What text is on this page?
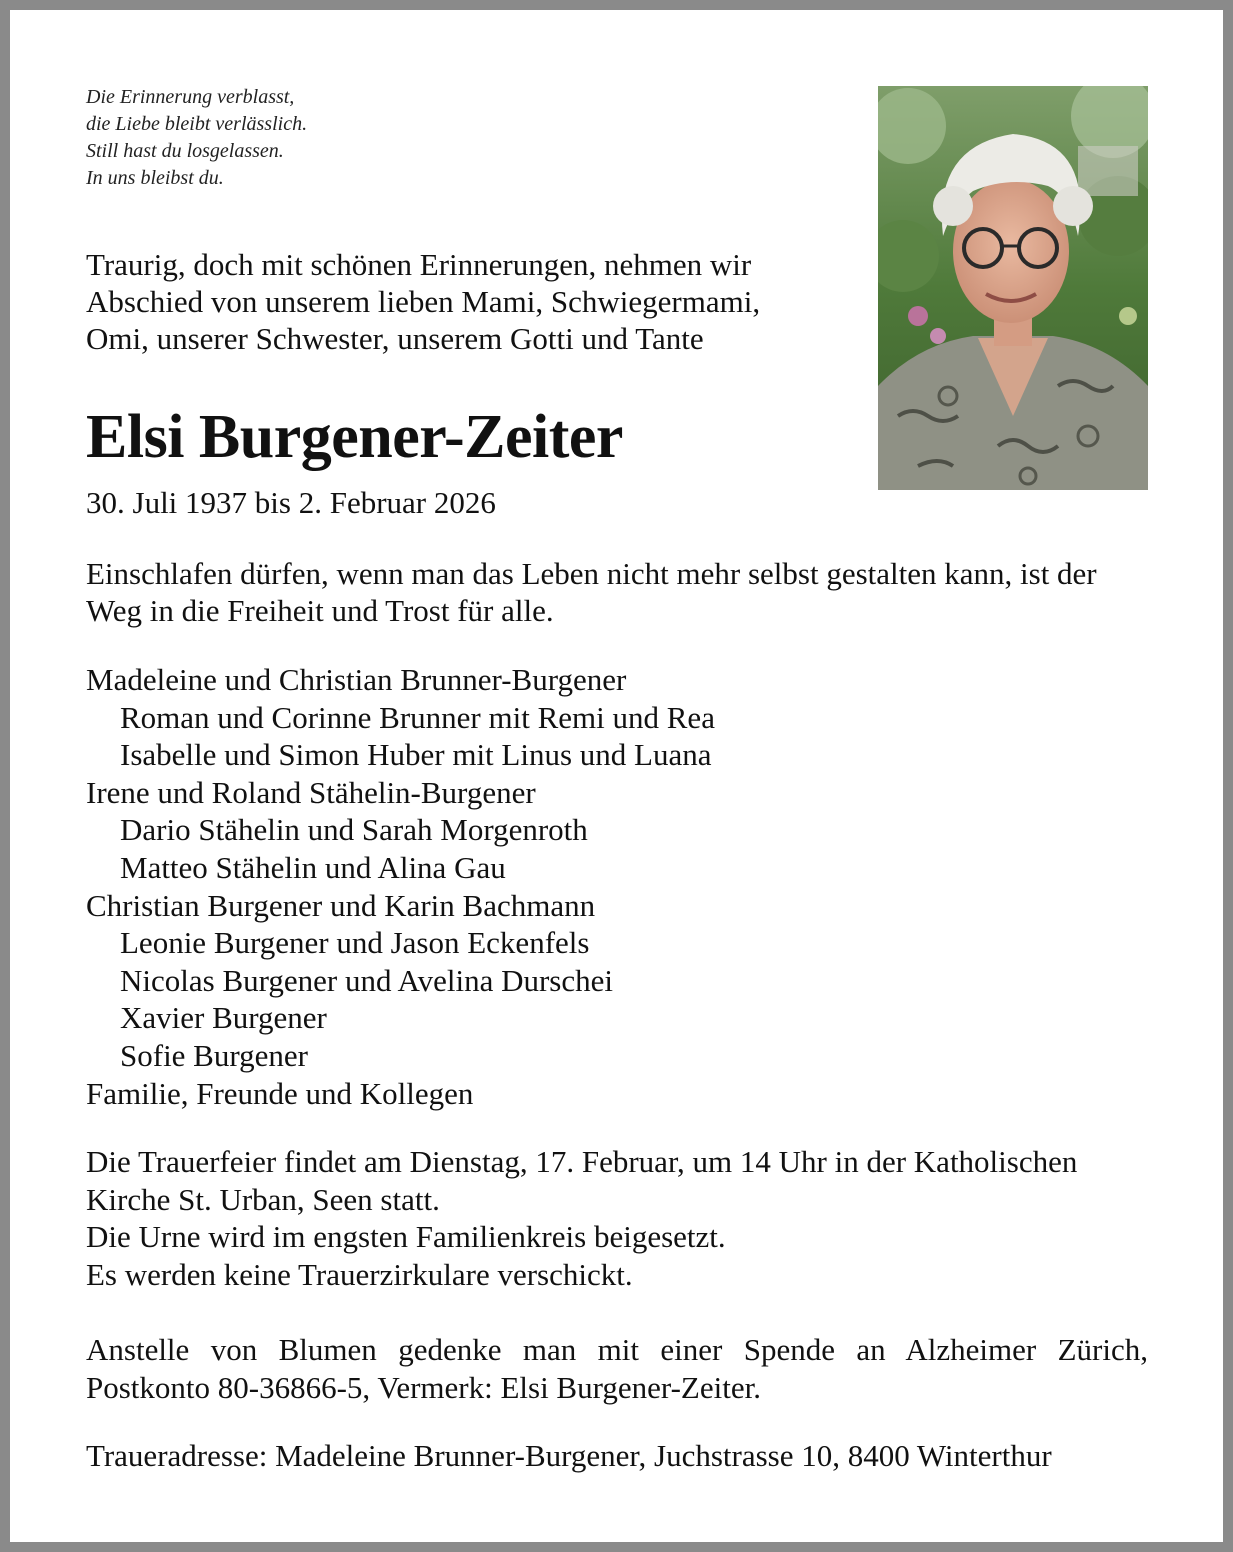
Die Erinnerung verblasst,
die Liebe bleibt verlässlich.
Still hast du losgelassen.
In uns bleibst du.
Traurig, doch mit schönen Erinnerungen, nehmen wir
Abschied von unserem lieben Mami, Schwiegermami,
Omi, unserer Schwester, unserem Gotti und Tante
Elsi Burgener-Zeiter
30. Juli 1937 bis 2. Februar 2026
Einschlafen dürfen, wenn man das Leben nicht mehr selbst gestalten kann, ist der Weg in die Freiheit und Trost für alle.
Madeleine und Christian Brunner-Burgener
Roman und Corinne Brunner mit Remi und Rea
Isabelle und Simon Huber mit Linus und Luana
Irene und Roland Stähelin-Burgener
Dario Stähelin und Sarah Morgenroth
Matteo Stähelin und Alina Gau
Christian Burgener und Karin Bachmann
Leonie Burgener und Jason Eckenfels
Nicolas Burgener und Avelina Durschei
Xavier Burgener
Sofie Burgener
Familie, Freunde und Kollegen
Die Trauerfeier findet am Dienstag, 17. Februar, um 14 Uhr in der Katholischen
Kirche St. Urban, Seen statt.
Die Urne wird im engsten Familienkreis beigesetzt.
Es werden keine Trauerzirkulare verschickt.
Anstelle von Blumen gedenke man mit einer Spende an Alzheimer Zürich,
Postkonto 80-36866-5, Vermerk: Elsi Burgener-Zeiter.
Traueradresse: Madeleine Brunner-Burgener, Juchstrasse 10, 8400 Winterthur
